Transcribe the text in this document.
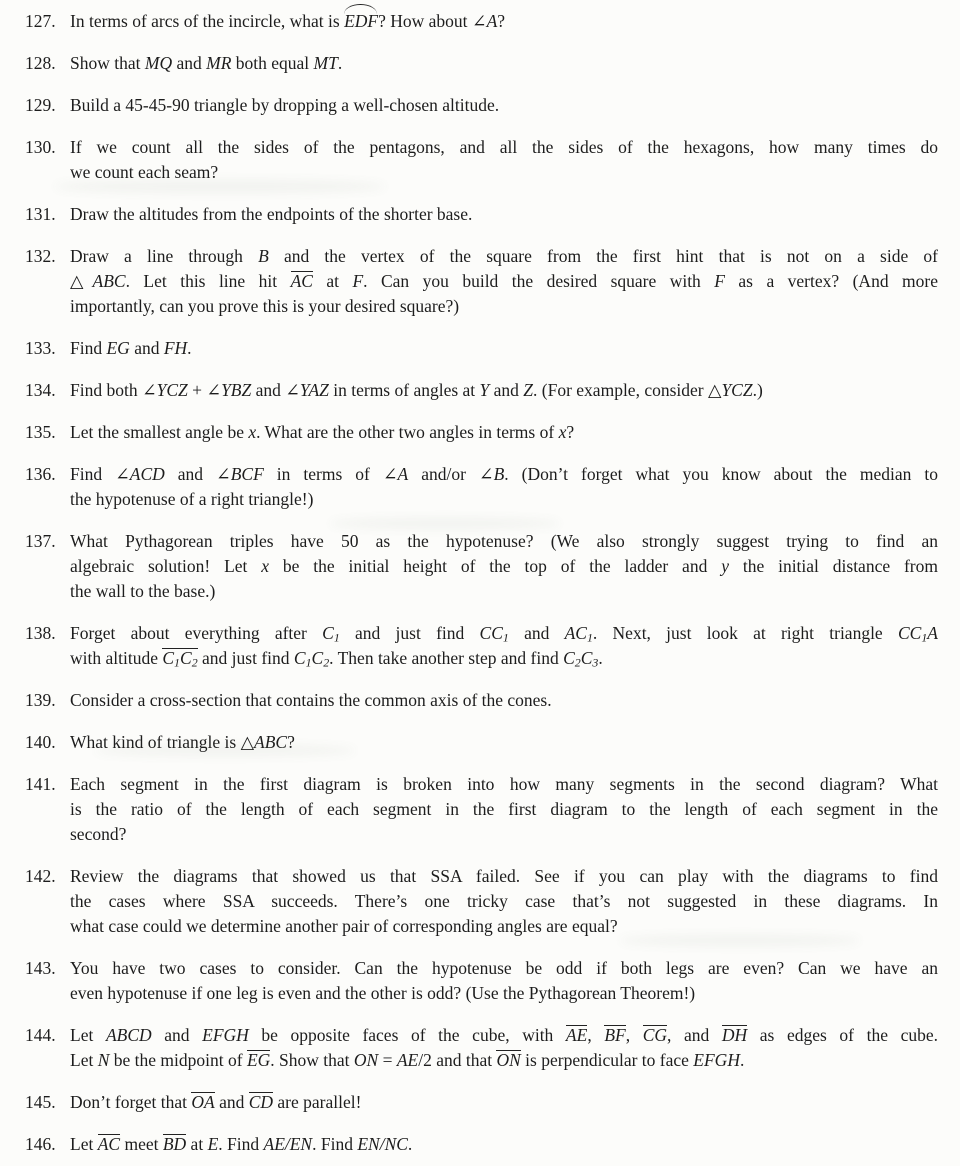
127. In terms of arcs of the incircle, what is EDF? How about ∠A?
128. Show that MQ and MR both equal MT.
129. Build a 45-45-90 triangle by dropping a well-chosen altitude.
130. If we count all the sides of the pentagons, and all the sides of the hexagons, how many times do
we count each seam?
131. Draw the altitudes from the endpoints of the shorter base.
132. Draw a line through B and the vertex of the square from the first hint that is not on a side of
△ABC. Let this line hit AC at F. Can you build the desired square with F as a vertex? (And more
importantly, can you prove this is your desired square?)
133. Find EG and FH.
134. Find both ∠YCZ + ∠YBZ and ∠YAZ in terms of angles at Y and Z. (For example, consider △YCZ.)
135. Let the smallest angle be x. What are the other two angles in terms of x?
136. Find ∠ACD and ∠BCF in terms of ∠A and/or ∠B. (Don’t forget what you know about the median to
the hypotenuse of a right triangle!)
137. What Pythagorean triples have 50 as the hypotenuse? (We also strongly suggest trying to find an
algebraic solution! Let x be the initial height of the top of the ladder and y the initial distance from
the wall to the base.)
138. Forget about everything after $C_1$ and just find $CC_1$ and $AC_1$. Next, just look at right triangle $CC_1A$
with altitude $C_1C_2$ and just find $C_1C_2$. Then take another step and find $C_2C_3$.
139. Consider a cross-section that contains the common axis of the cones.
140. What kind of triangle is △ABC?
141. Each segment in the first diagram is broken into how many segments in the second diagram? What
is the ratio of the length of each segment in the first diagram to the length of each segment in the
second?
142. Review the diagrams that showed us that SSA failed. See if you can play with the diagrams to find
the cases where SSA succeeds. There’s one tricky case that’s not suggested in these diagrams. In
what case could we determine another pair of corresponding angles are equal?
143. You have two cases to consider. Can the hypotenuse be odd if both legs are even? Can we have an
even hypotenuse if one leg is even and the other is odd? (Use the Pythagorean Theorem!)
144. Let ABCD and EFGH be opposite faces of the cube, with AE, BF, CG, and DH as edges of the cube.
Let N be the midpoint of EG. Show that ON = AE/2 and that ON is perpendicular to face EFGH.
145. Don’t forget that OA and CD are parallel!
146. Let AC meet BD at E. Find AE/EN. Find EN/NC.
